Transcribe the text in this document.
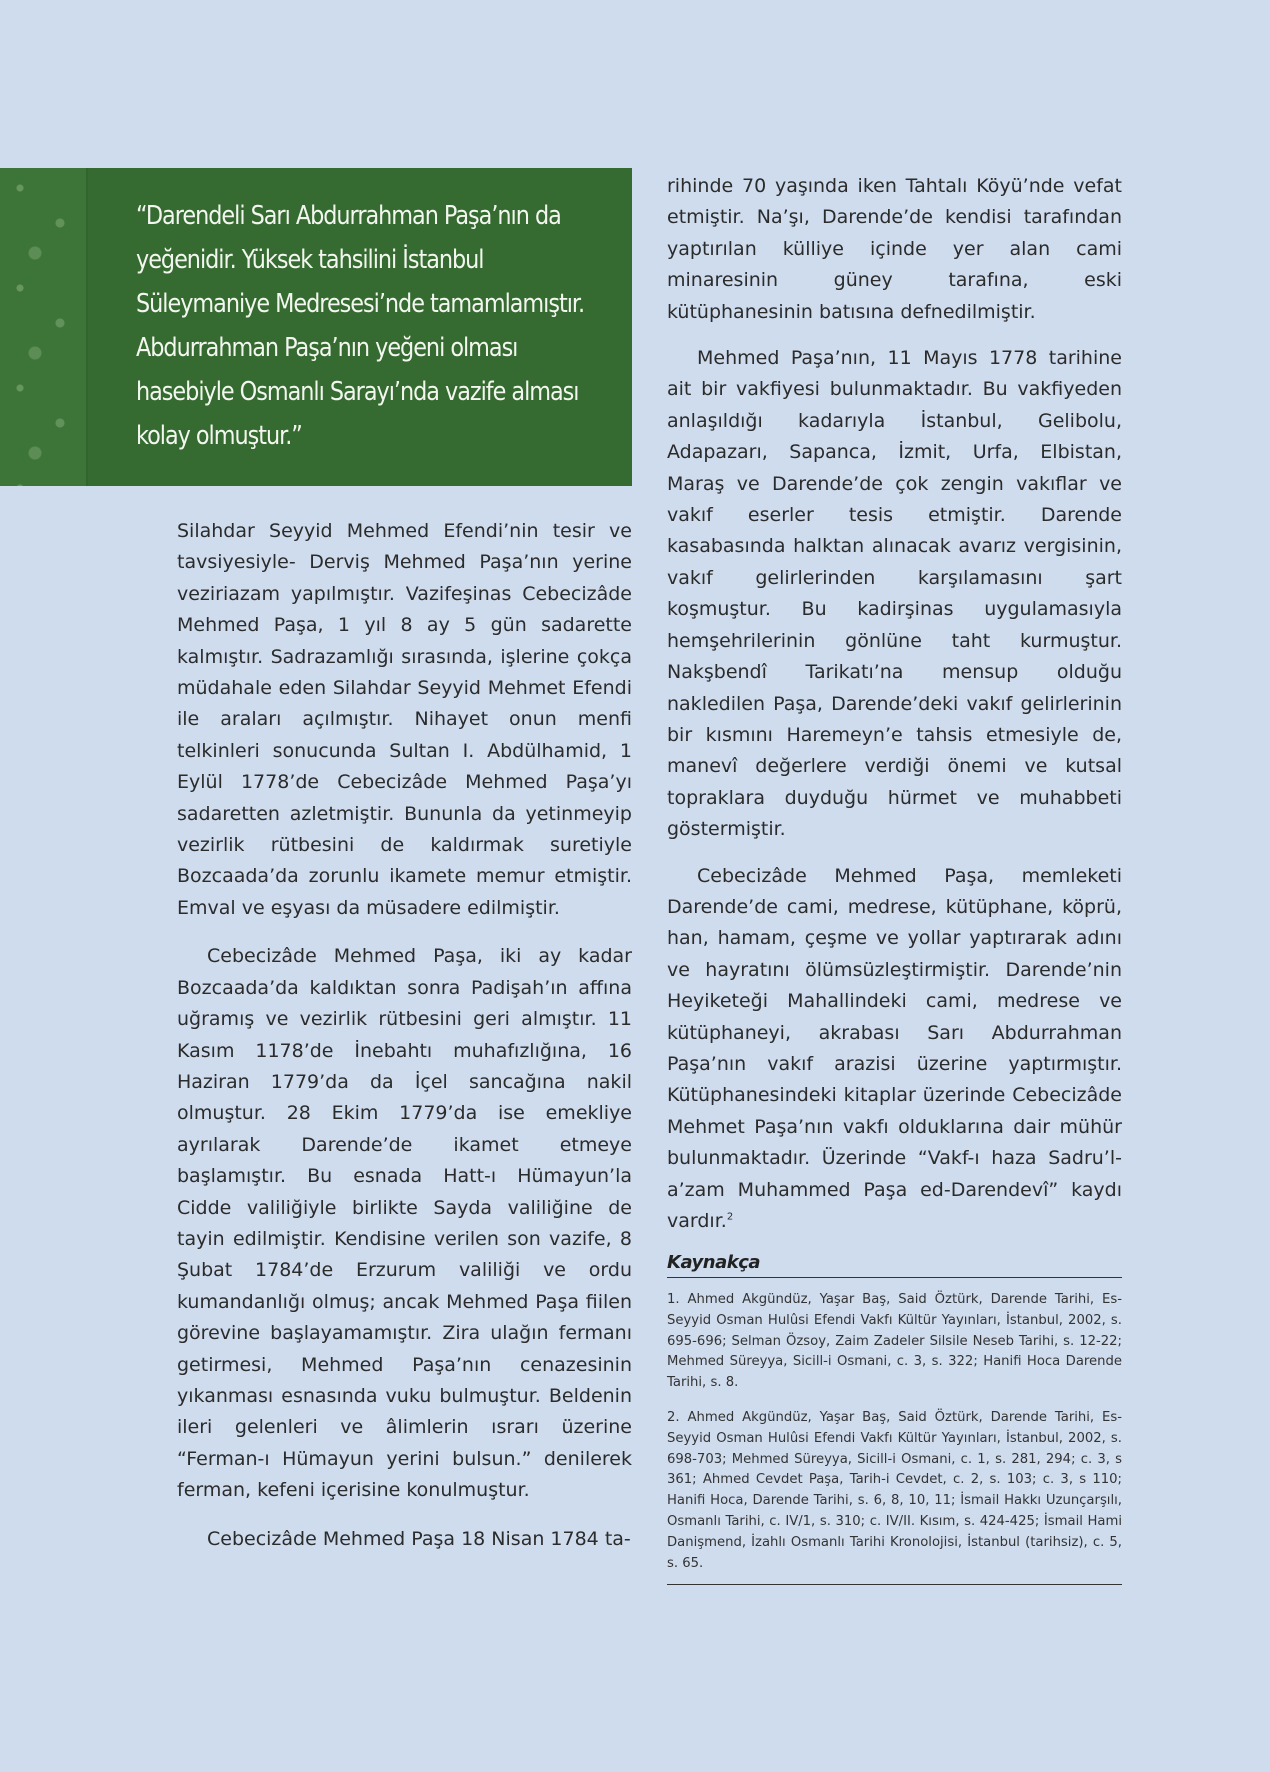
“Darendeli Sarı Abdurrahman Paşa’nın da yeğenidir. Yüksek tahsilini İstanbul Süleymaniye Medresesi’nde tamamlamıştır. Abdurrahman Paşa’nın yeğeni olması hasebiyle Osmanlı Sarayı’nda vazife alması kolay olmuştur.”

Silahdar Seyyid Mehmed Efendi’nin tesir ve tavsiyesiyle- Derviş Mehmed Paşa’nın yerine veziriazam yapılmıştır. Vazifeşinas Cebecizâde Mehmed Paşa, 1 yıl 8 ay 5 gün sadarette kalmıştır. Sadrazamlığı sırasında, işlerine çokça müdahale eden Silahdar Seyyid Mehmet Efendi ile araları açılmıştır. Nihayet onun menfi telkinleri sonucunda Sultan I. Abdülhamid, 1 Eylül 1778’de Cebecizâde Mehmed Paşa’yı sadaretten azletmiştir. Bununla da yetinmeyip vezirlik rütbesini de kaldırmak suretiyle Bozcaada’da zorunlu ikamete memur etmiştir. Emval ve eşyası da müsadere edilmiştir.

Cebecizâde Mehmed Paşa, iki ay kadar Bozcaada’da kaldıktan sonra Padişah’ın affına uğramış ve vezirlik rütbesini geri almıştır. 11 Kasım 1178’de İnebahtı muhafızlığına, 16 Haziran 1779’da da İçel sancağına nakil olmuştur. 28 Ekim 1779’da ise emekliye ayrılarak Darende’de ikamet etmeye başlamıştır. Bu esnada Hatt-ı Hümayun’la Cidde valiliğiyle birlikte Sayda valiliğine de tayin edilmiştir. Kendisine verilen son vazife, 8 Şubat 1784’de Erzurum valiliği ve ordu kumandanlığı olmuş; ancak Mehmed Paşa fiilen görevine başlayamamıştır. Zira ulağın fermanı getirmesi, Mehmed Paşa’nın cenazesinin yıkanması esnasında vuku bulmuştur. Beldenin ileri gelenleri ve âlimlerin ısrarı üzerine “Ferman-ı Hümayun yerini bulsun.” denilerek ferman, kefeni içerisine konulmuştur.

Cebecizâde Mehmed Paşa 18 Nisan 1784 ta-

rihinde 70 yaşında iken Tahtalı Köyü’nde vefat etmiştir. Na’şı, Darende’de kendisi tarafından yaptırılan külliye içinde yer alan cami minaresinin güney tarafına, eski kütüphanesinin batısına defnedilmiştir.

Mehmed Paşa’nın, 11 Mayıs 1778 tarihine ait bir vakfiyesi bulunmaktadır. Bu vakfiyeden anlaşıldığı kadarıyla İstanbul, Gelibolu, Adapazarı, Sapanca, İzmit, Urfa, Elbistan, Maraş ve Darende’de çok zengin vakıflar ve vakıf eserler tesis etmiştir. Darende kasabasında halktan alınacak avarız vergisinin, vakıf gelirlerinden karşılamasını şart koşmuştur. Bu kadirşinas uygulamasıyla hemşehrilerinin gönlüne taht kurmuştur. Nakşbendî Tarikatı’na mensup olduğu nakledilen Paşa, Darende’deki vakıf gelirlerinin bir kısmını Haremeyn’e tahsis etmesiyle de, manevî değerlere verdiği önemi ve kutsal topraklara duyduğu hürmet ve muhabbeti göstermiştir.

Cebecizâde Mehmed Paşa, memleketi Darende’de cami, medrese, kütüphane, köprü, han, hamam, çeşme ve yollar yaptırarak adını ve hayratını ölümsüzleştirmiştir. Darende’nin Heyiketeği Mahallindeki cami, medrese ve kütüphaneyi, akrabası Sarı Abdurrahman Paşa’nın vakıf arazisi üzerine yaptırmıştır. Kütüphanesindeki kitaplar üzerinde Cebecizâde Mehmet Paşa’nın vakfı olduklarına dair mühür bulunmaktadır. Üzerinde “Vakf-ı haza Sadru’l-a’zam Muhammed Paşa ed-Darendevî” kaydı vardır.$^2$

Kaynakça
1. Ahmed Akgündüz, Yaşar Baş, Said Öztürk, Darende Tarihi, Es-Seyyid Osman Hulûsi Efendi Vakfı Kültür Yayınları, İstanbul, 2002, s. 695-696; Selman Özsoy, Zaim Zadeler Silsile Neseb Tarihi, s. 12-22; Mehmed Süreyya, Sicill-i Osmani, c. 3, s. 322; Hanifi Hoca Darende Tarihi, s. 8.
2. Ahmed Akgündüz, Yaşar Baş, Said Öztürk, Darende Tarihi, Es-Seyyid Osman Hulûsi Efendi Vakfı Kültür Yayınları, İstanbul, 2002, s. 698-703; Mehmed Süreyya, Sicill-i Osmani, c. 1, s. 281, 294; c. 3, s 361; Ahmed Cevdet Paşa, Tarih-i Cevdet, c. 2, s. 103; c. 3, s 110; Hanifi Hoca, Darende Tarihi, s. 6, 8, 10, 11; İsmail Hakkı Uzunçarşılı, Osmanlı Tarihi, c. IV/1, s. 310; c. IV/II. Kısım, s. 424-425; İsmail Hami Danişmend, İzahlı Osmanlı Tarihi Kronolojisi, İstanbul (tarihsiz), c. 5, s. 65.
